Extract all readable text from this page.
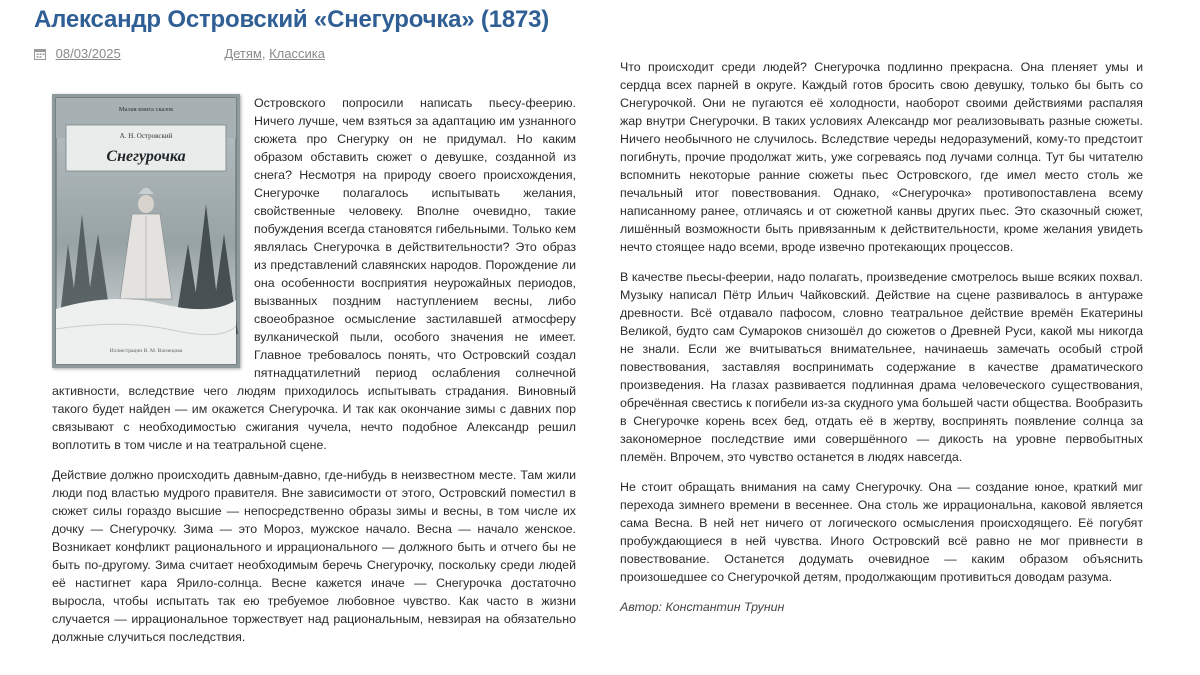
Александр Островский «Снегурочка» (1873)
08/03/2025	Детям, Классика
Малая книга сказок
А. Н. Островский
Снегурочка
Иллюстрации В. М. Васнецова

Островского попросили написать пьесу-феерию. Ничего лучше, чем взяться за адаптацию им узнанного сюжета про Снегурку он не придумал. Но каким образом обставить сюжет о девушке, созданной из снега? Несмотря на природу своего происхождения, Снегурочке полагалось испытывать желания, свойственные человеку. Вполне очевидно, такие побуждения всегда становятся гибельными. Только кем являлась Снегурочка в действительности? Это образ из представлений славянских народов. Порождение ли она особенности восприятия неурожайных периодов, вызванных поздним наступлением весны, либо своеобразное осмысление застилавшей атмосферу вулканической пыли, особого значения не имеет. Главное требовалось понять, что Островский создал пятнадцатилетний период ослабления солнечной активности, вследствие чего людям приходилось испытывать страдания. Виновный такого будет найден — им окажется Снегурочка. И так как окончание зимы с давних пор связывают с необходимостью сжигания чучела, нечто подобное Александр решил воплотить в том числе и на театральной сцене.

Действие должно происходить давным-давно, где-нибудь в неизвестном месте. Там жили люди под властью мудрого правителя. Вне зависимости от этого, Островский поместил в сюжет силы гораздо высшие — непосредственно образы зимы и весны, в том числе их дочку — Снегурочку. Зима — это Мороз, мужское начало. Весна — начало женское. Возникает конфликт рационального и иррационального — должного быть и отчего бы не быть по-другому. Зима считает необходимым беречь Снегурочку, поскольку среди людей её настигнет кара Ярило-солнца. Весне кажется иначе — Снегурочка достаточно выросла, чтобы испытать так ею требуемое любовное чувство. Как часто в жизни случается — иррациональное торжествует над рациональным, невзирая на обязательно должные случиться последствия.

Что происходит среди людей? Снегурочка подлинно прекрасна. Она пленяет умы и сердца всех парней в округе. Каждый готов бросить свою девушку, только бы быть со Снегурочкой. Они не пугаются её холодности, наоборот своими действиями распаляя жар внутри Снегурочки. В таких условиях Александр мог реализовывать разные сюжеты. Ничего необычного не случилось. Вследствие череды недоразумений, кому-то предстоит погибнуть, прочие продолжат жить, уже согреваясь под лучами солнца. Тут бы читателю вспомнить некоторые ранние сюжеты пьес Островского, где имел место столь же печальный итог повествования. Однако, «Снегурочка» противопоставлена всему написанному ранее, отличаясь и от сюжетной канвы других пьес. Это сказочный сюжет, лишённый возможности быть привязанным к действительности, кроме желания увидеть нечто стоящее надо всеми, вроде извечно протекающих процессов.

В качестве пьесы-феерии, надо полагать, произведение смотрелось выше всяких похвал. Музыку написал Пётр Ильич Чайковский. Действие на сцене развивалось в антураже древности. Всё отдавало пафосом, словно театральное действие времён Екатерины Великой, будто сам Сумароков снизошёл до сюжетов о Древней Руси, какой мы никогда не знали. Если же вчитываться внимательнее, начинаешь замечать особый строй повествования, заставляя воспринимать содержание в качестве драматического произведения. На глазах развивается подлинная драма человеческого существования, обречённая свестись к погибели из-за скудного ума большей части общества. Вообразить в Снегурочке корень всех бед, отдать её в жертву, воспринять появление солнца за закономерное последствие ими совершённого — дикость на уровне первобытных племён. Впрочем, это чувство останется в людях навсегда.

Не стоит обращать внимания на саму Снегурочку. Она — создание юное, краткий миг перехода зимнего времени в весеннее. Она столь же иррациональна, каковой является сама Весна. В ней нет ничего от логического осмысления происходящего. Её погубят пробуждающиеся в ней чувства. Иного Островский всё равно не мог привнести в повествование. Останется додумать очевидное — каким образом объяснить произошедшее со Снегурочкой детям, продолжающим противиться доводам разума.

Автор: Константин Трунин
